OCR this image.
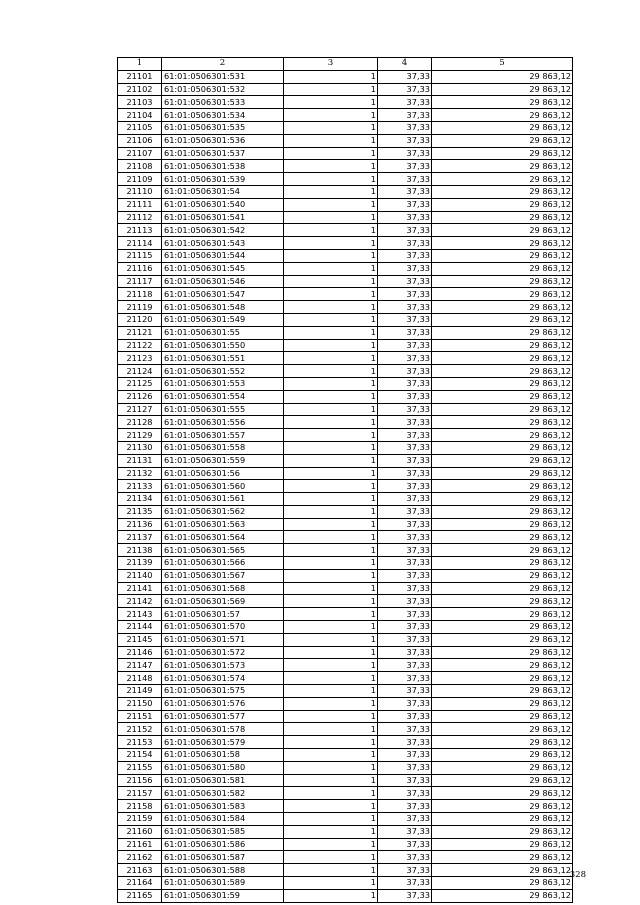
1	2	3	4	5
21101	61:01:0506301:531	1	37,33	29 863,12
21102	61:01:0506301:532	1	37,33	29 863,12
21103	61:01:0506301:533	1	37,33	29 863,12
21104	61:01:0506301:534	1	37,33	29 863,12
21105	61:01:0506301:535	1	37,33	29 863,12
21106	61:01:0506301:536	1	37,33	29 863,12
21107	61:01:0506301:537	1	37,33	29 863,12
21108	61:01:0506301:538	1	37,33	29 863,12
21109	61:01:0506301:539	1	37,33	29 863,12
21110	61:01:0506301:54	1	37,33	29 863,12
21111	61:01:0506301:540	1	37,33	29 863,12
21112	61:01:0506301:541	1	37,33	29 863,12
21113	61:01:0506301:542	1	37,33	29 863,12
21114	61:01:0506301:543	1	37,33	29 863,12
21115	61:01:0506301:544	1	37,33	29 863,12
21116	61:01:0506301:545	1	37,33	29 863,12
21117	61:01:0506301:546	1	37,33	29 863,12
21118	61:01:0506301:547	1	37,33	29 863,12
21119	61:01:0506301:548	1	37,33	29 863,12
21120	61:01:0506301:549	1	37,33	29 863,12
21121	61:01:0506301:55	1	37,33	29 863,12
21122	61:01:0506301:550	1	37,33	29 863,12
21123	61:01:0506301:551	1	37,33	29 863,12
21124	61:01:0506301:552	1	37,33	29 863,12
21125	61:01:0506301:553	1	37,33	29 863,12
21126	61:01:0506301:554	1	37,33	29 863,12
21127	61:01:0506301:555	1	37,33	29 863,12
21128	61:01:0506301:556	1	37,33	29 863,12
21129	61:01:0506301:557	1	37,33	29 863,12
21130	61:01:0506301:558	1	37,33	29 863,12
21131	61:01:0506301:559	1	37,33	29 863,12
21132	61:01:0506301:56	1	37,33	29 863,12
21133	61:01:0506301:560	1	37,33	29 863,12
21134	61:01:0506301:561	1	37,33	29 863,12
21135	61:01:0506301:562	1	37,33	29 863,12
21136	61:01:0506301:563	1	37,33	29 863,12
21137	61:01:0506301:564	1	37,33	29 863,12
21138	61:01:0506301:565	1	37,33	29 863,12
21139	61:01:0506301:566	1	37,33	29 863,12
21140	61:01:0506301:567	1	37,33	29 863,12
21141	61:01:0506301:568	1	37,33	29 863,12
21142	61:01:0506301:569	1	37,33	29 863,12
21143	61:01:0506301:57	1	37,33	29 863,12
21144	61:01:0506301:570	1	37,33	29 863,12
21145	61:01:0506301:571	1	37,33	29 863,12
21146	61:01:0506301:572	1	37,33	29 863,12
21147	61:01:0506301:573	1	37,33	29 863,12
21148	61:01:0506301:574	1	37,33	29 863,12
21149	61:01:0506301:575	1	37,33	29 863,12
21150	61:01:0506301:576	1	37,33	29 863,12
21151	61:01:0506301:577	1	37,33	29 863,12
21152	61:01:0506301:578	1	37,33	29 863,12
21153	61:01:0506301:579	1	37,33	29 863,12
21154	61:01:0506301:58	1	37,33	29 863,12
21155	61:01:0506301:580	1	37,33	29 863,12
21156	61:01:0506301:581	1	37,33	29 863,12
21157	61:01:0506301:582	1	37,33	29 863,12
21158	61:01:0506301:583	1	37,33	29 863,12
21159	61:01:0506301:584	1	37,33	29 863,12
21160	61:01:0506301:585	1	37,33	29 863,12
21161	61:01:0506301:586	1	37,33	29 863,12
21162	61:01:0506301:587	1	37,33	29 863,12
21163	61:01:0506301:588	1	37,33	29 863,12
21164	61:01:0506301:589	1	37,33	29 863,12
21165	61:01:0506301:59	1	37,33	29 863,12
328
